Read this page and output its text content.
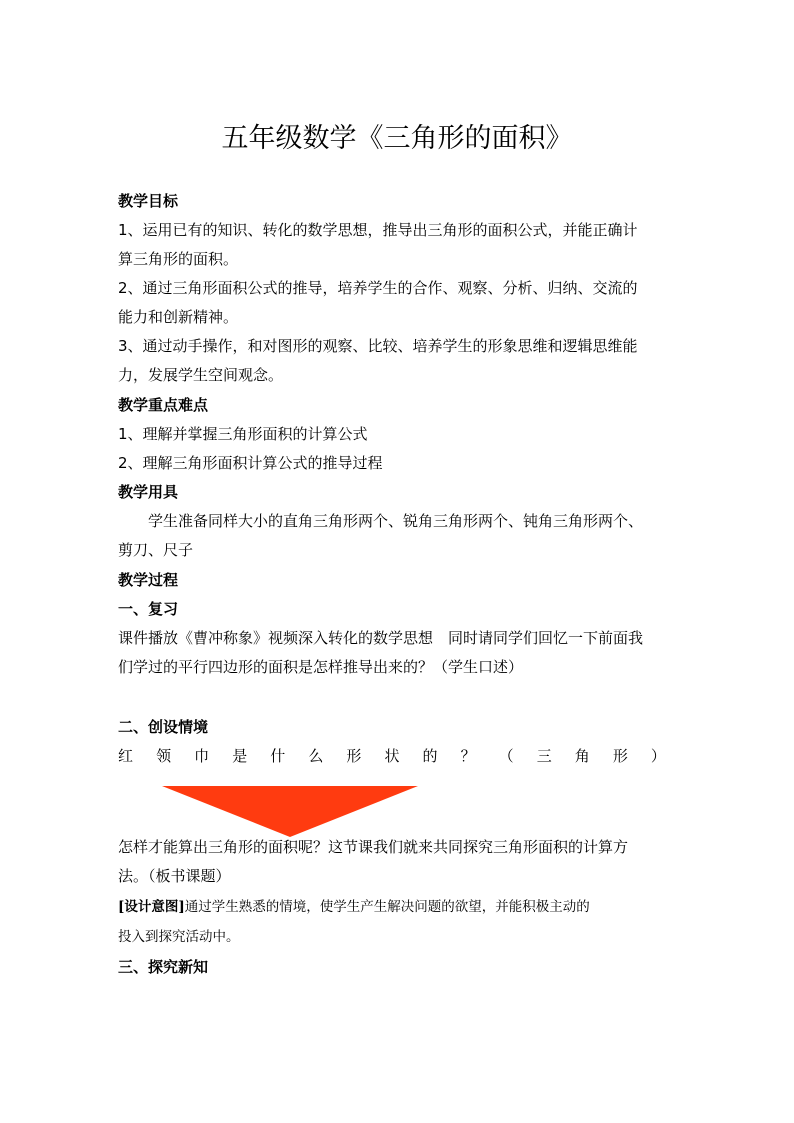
五年级数学《三角形的面积》
教学目标
1、运用已有的知识、转化的数学思想，推导出三角形的面积公式，并能正确计
算三角形的面积。
2、通过三角形面积公式的推导，培养学生的合作、观察、分析、归纳、交流的
能力和创新精神。
3、通过动手操作，和对图形的观察、比较、培养学生的形象思维和逻辑思维能
力，发展学生空间观念。
教学重点难点
1、理解并掌握三角形面积的计算公式
2、理解三角形面积计算公式的推导过程
教学用具
　　学生准备同样大小的直角三角形两个、锐角三角形两个、钝角三角形两个、
剪刀、尺子
教学过程
一、复习
课件播放《曹冲称象》视频深入转化的数学思想　同时请同学们回忆一下前面我
们学过的平行四边形的面积是怎样推导出来的？（学生口述）
二、创设情境
红 领 巾 是 什 么 形 状 的 ？ （ 三 角 形 ）
怎样才能算出三角形的面积呢？这节课我们就来共同探究三角形面积的计算方
法。（板书课题）
[设计意图]通过学生熟悉的情境，使学生产生解决问题的欲望，并能积极主动的
投入到探究活动中。
三、探究新知
